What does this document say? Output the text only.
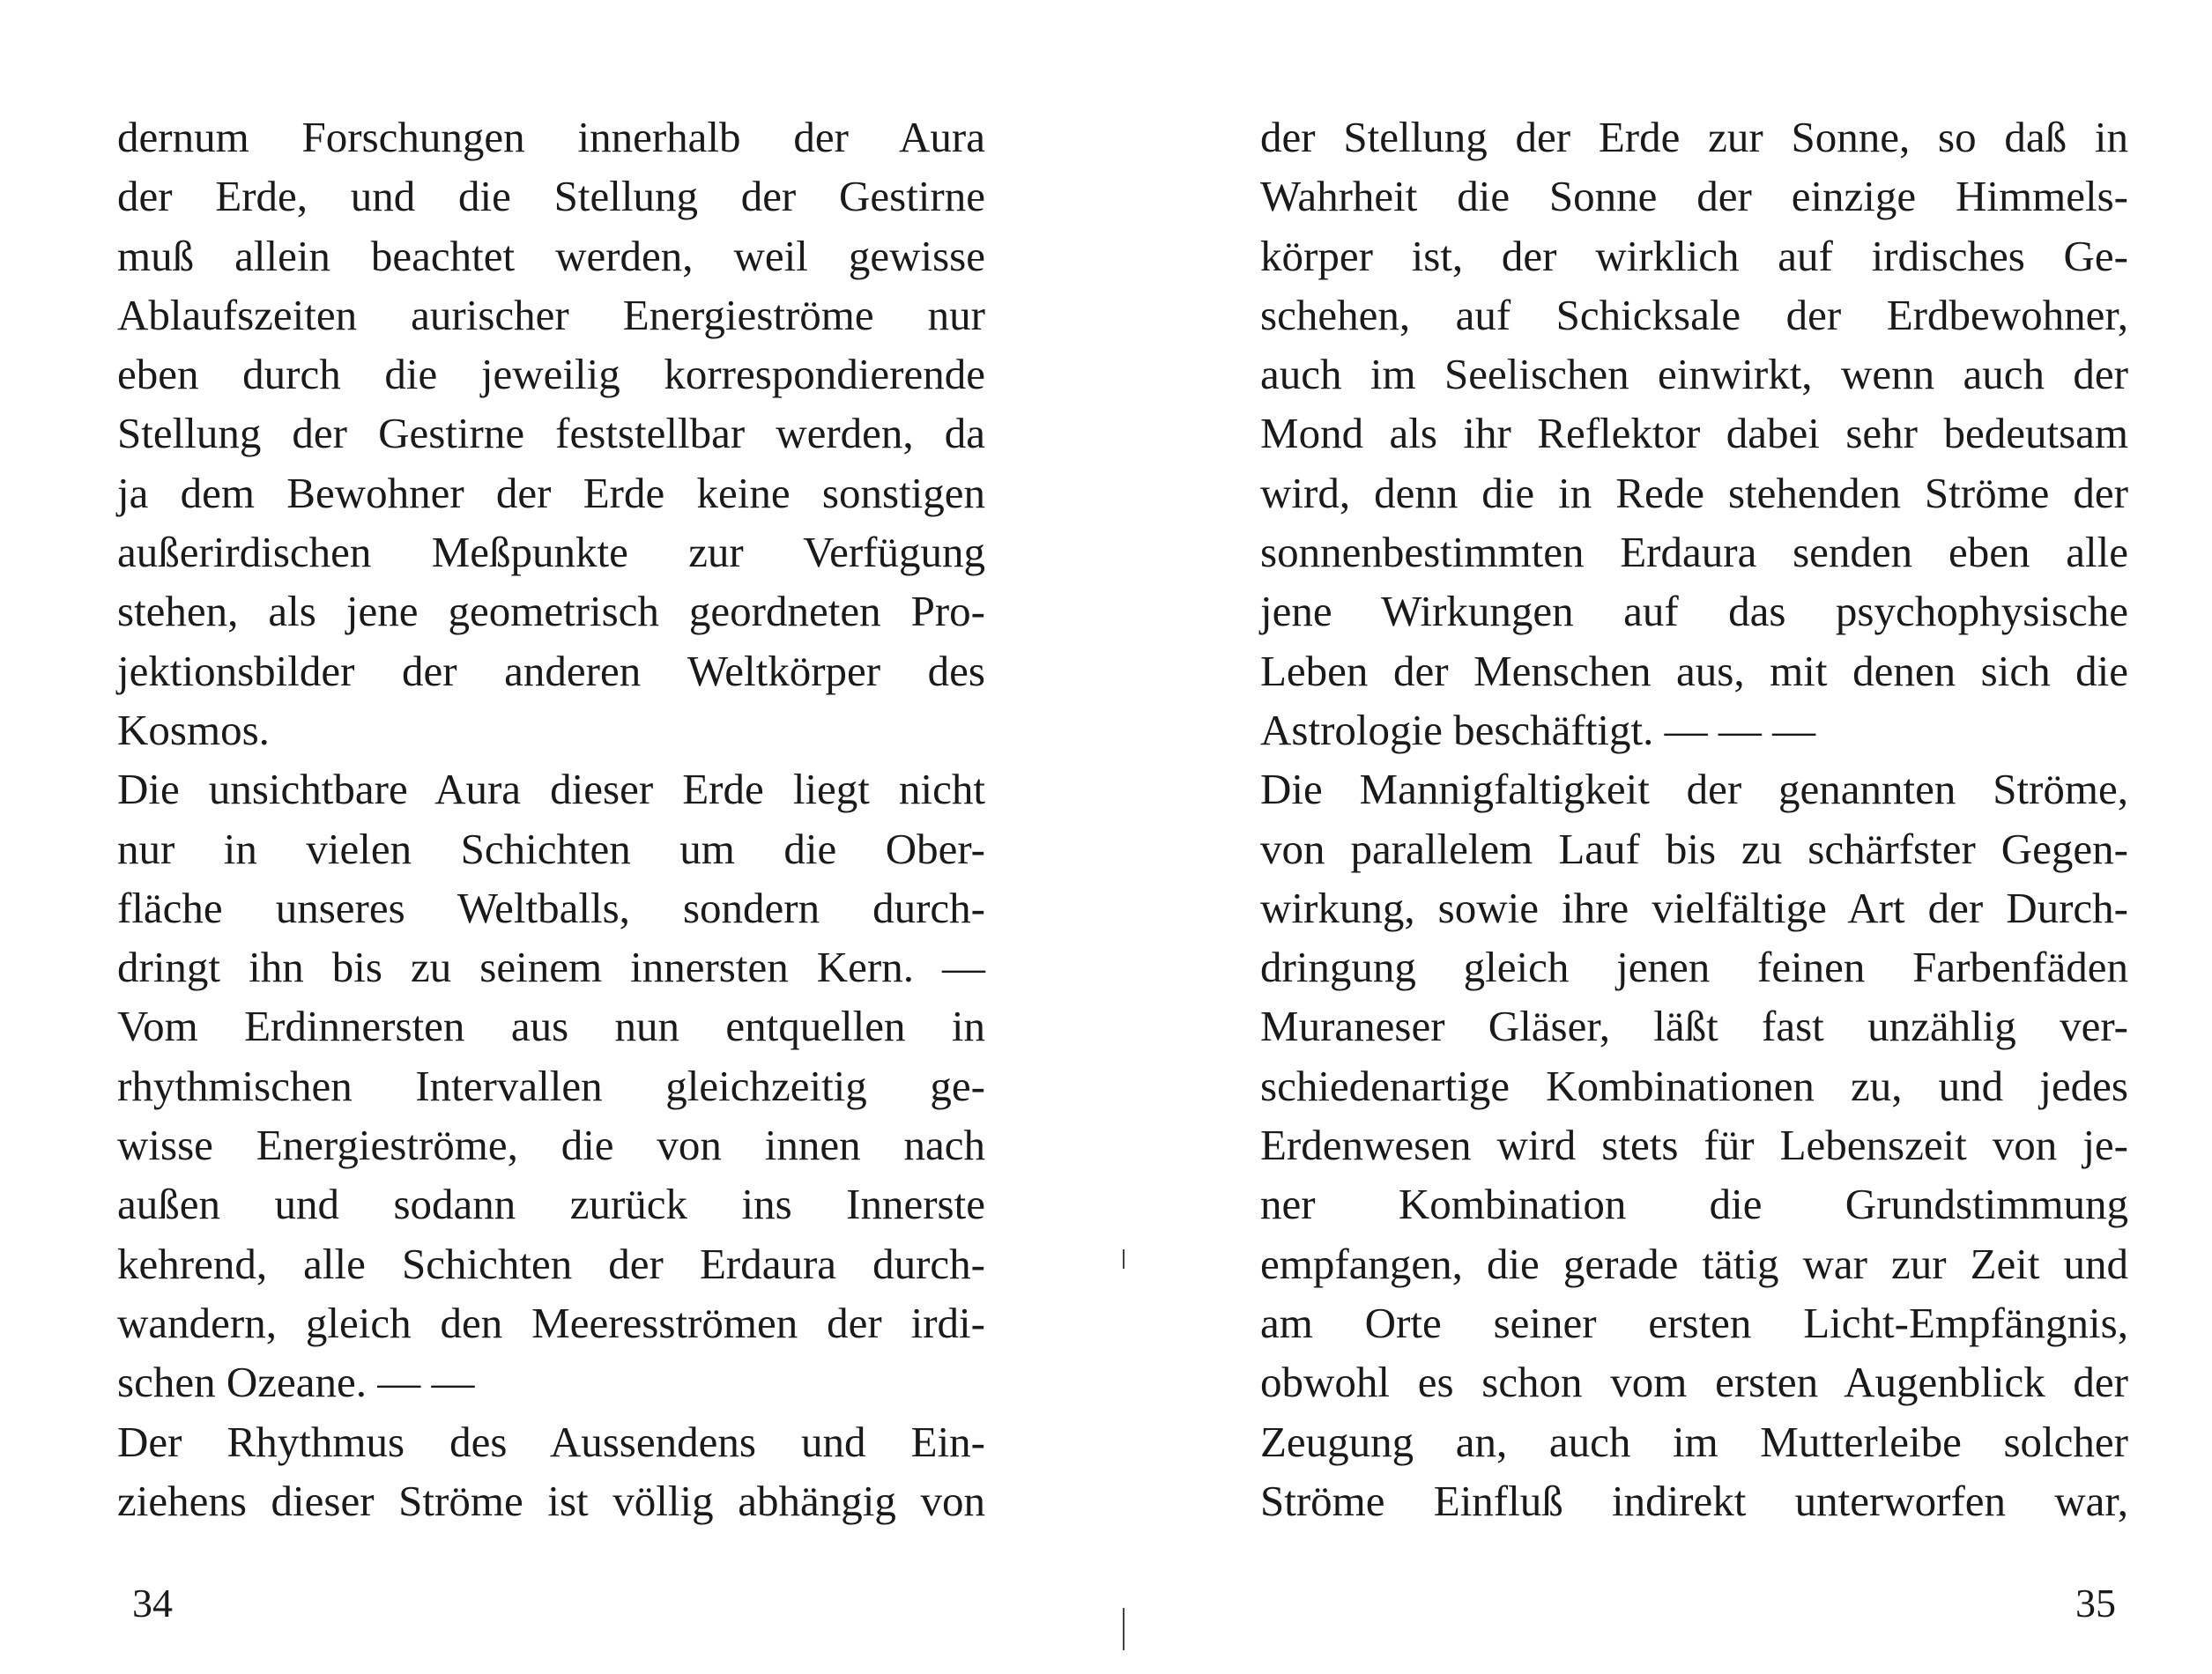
dernum Forschungen innerhalb der Aura
der Erde, und die Stellung der Gestirne
muß allein beachtet werden, weil gewisse
Ablaufszeiten aurischer Energieströme nur
eben durch die jeweilig korrespondierende
Stellung der Gestirne feststellbar werden, da
ja dem Bewohner der Erde keine sonstigen
außerirdischen Meßpunkte zur Verfügung
stehen, als jene geometrisch geordneten Pro-
jektionsbilder der anderen Weltkörper des
Kosmos.
Die unsichtbare Aura dieser Erde liegt nicht
nur in vielen Schichten um die Ober-
fläche unseres Weltballs, sondern durch-
dringt ihn bis zu seinem innersten Kern. —
Vom Erdinnersten aus nun entquellen in
rhythmischen Intervallen gleichzeitig ge-
wisse Energieströme, die von innen nach
außen und sodann zurück ins Innerste
kehrend, alle Schichten der Erdaura durch-
wandern, gleich den Meeresströmen der irdi-
schen Ozeane. — —
Der Rhythmus des Aussendens und Ein-
ziehens dieser Ströme ist völlig abhängig von
der Stellung der Erde zur Sonne, so daß in
Wahrheit die Sonne der einzige Himmels-
körper ist, der wirklich auf irdisches Ge-
schehen, auf Schicksale der Erdbewohner,
auch im Seelischen einwirkt, wenn auch der
Mond als ihr Reflektor dabei sehr bedeutsam
wird, denn die in Rede stehenden Ströme der
sonnenbestimmten Erdaura senden eben alle
jene Wirkungen auf das psychophysische
Leben der Menschen aus, mit denen sich die
Astrologie beschäftigt. — — —
Die Mannigfaltigkeit der genannten Ströme,
von parallelem Lauf bis zu schärfster Gegen-
wirkung, sowie ihre vielfältige Art der Durch-
dringung gleich jenen feinen Farbenfäden
Muraneser Gläser, läßt fast unzählig ver-
schiedenartige Kombinationen zu, und jedes
Erdenwesen wird stets für Lebenszeit von je-
ner Kombination die Grundstimmung
empfangen, die gerade tätig war zur Zeit und
am Orte seiner ersten Licht-Empfängnis,
obwohl es schon vom ersten Augenblick der
Zeugung an, auch im Mutterleibe solcher
Ströme Einfluß indirekt unterworfen war,
34	35
